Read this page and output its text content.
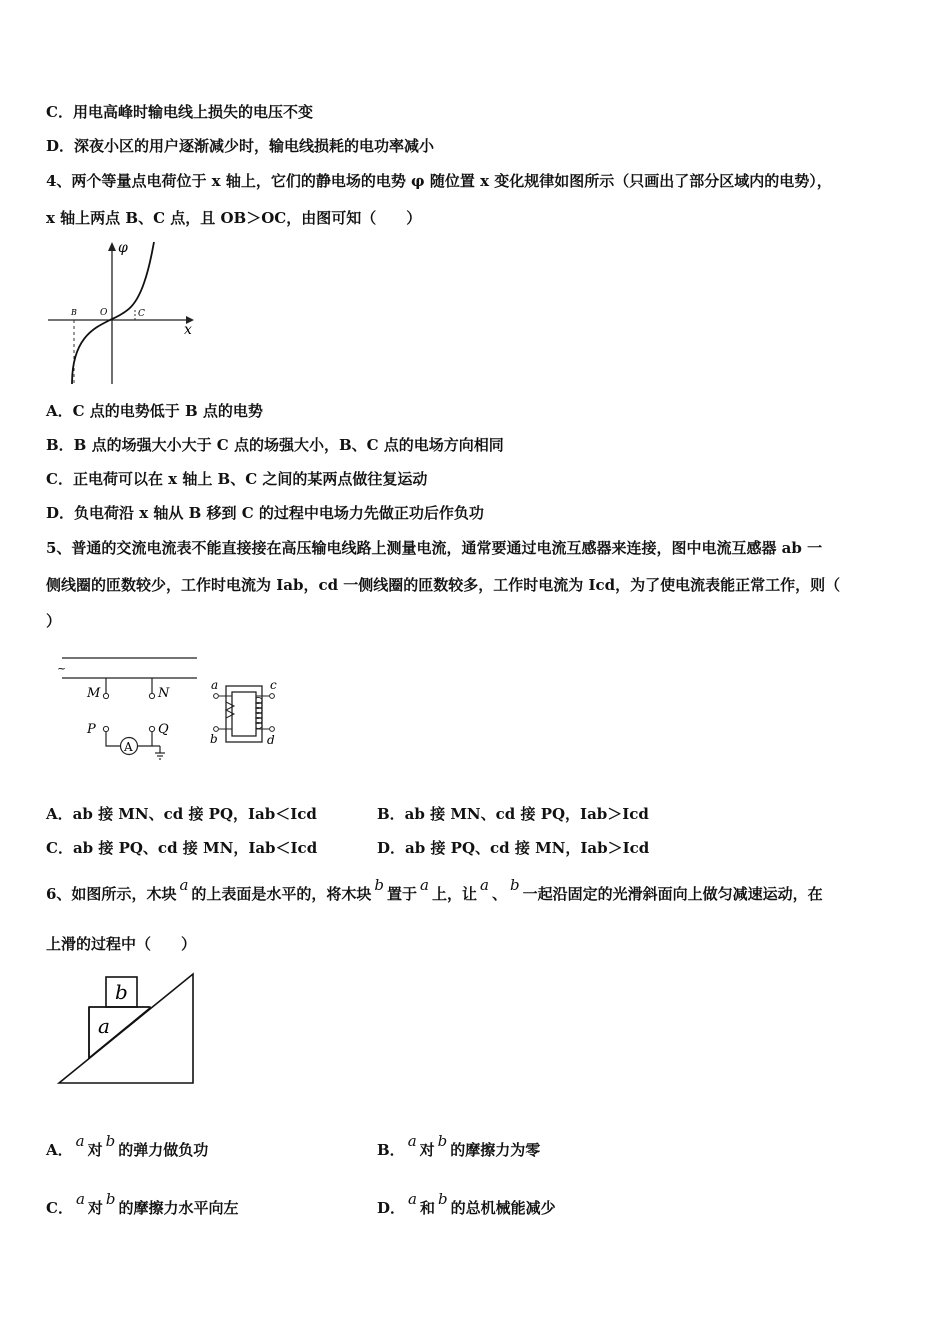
C．用电高峰时输电线上损失的电压不变
D．深夜小区的用户逐渐减少时，输电线损耗的电功率减小
4、两个等量点电荷位于 x 轴上，它们的静电场的电势 φ 随位置 x 变化规律如图所示（只画出了部分区域内的电势），
x 轴上两点 B、C 点，且 OB＞OC，由图可知（　　）
φ
x
B	O	C
A．C 点的电势低于 B 点的电势
B．B 点的场强大小大于 C 点的场强大小，B、C 点的电场方向相同
C．正电荷可以在 x 轴上 B、C 之间的某两点做往复运动
D．负电荷沿 x 轴从 B 移到 C 的过程中电场力先做正功后作负功
5、普通的交流电流表不能直接接在高压输电线路上测量电流，通常要通过电流互感器来连接，图中电流互感器 ab 一
侧线圈的匝数较少，工作时电流为 Iab，cd 一侧线圈的匝数较多，工作时电流为 Icd，为了使电流表能正常工作，则（
）
~
M	N
P	Q
A
a
b
c
d
A．ab 接 MN、cd 接 PQ，Iab＜Icd	B．ab 接 MN、cd 接 PQ，Iab＞Icd
C．ab 接 PQ、cd 接 MN，Iab＜Icd	D．ab 接 PQ、cd 接 MN，Iab＞Icd
6、如图所示，木块 a 的上表面是水平的，将木块 b 置于 a 上，让 a 、 b 一起沿固定的光滑斜面向上做匀减速运动，在
上滑的过程中（　　）
b
a
A． a 对 b 的弹力做负功	B． a 对 b 的摩擦力为零
C． a 对 b 的摩擦力水平向左	D． a 和 b 的总机械能减少
